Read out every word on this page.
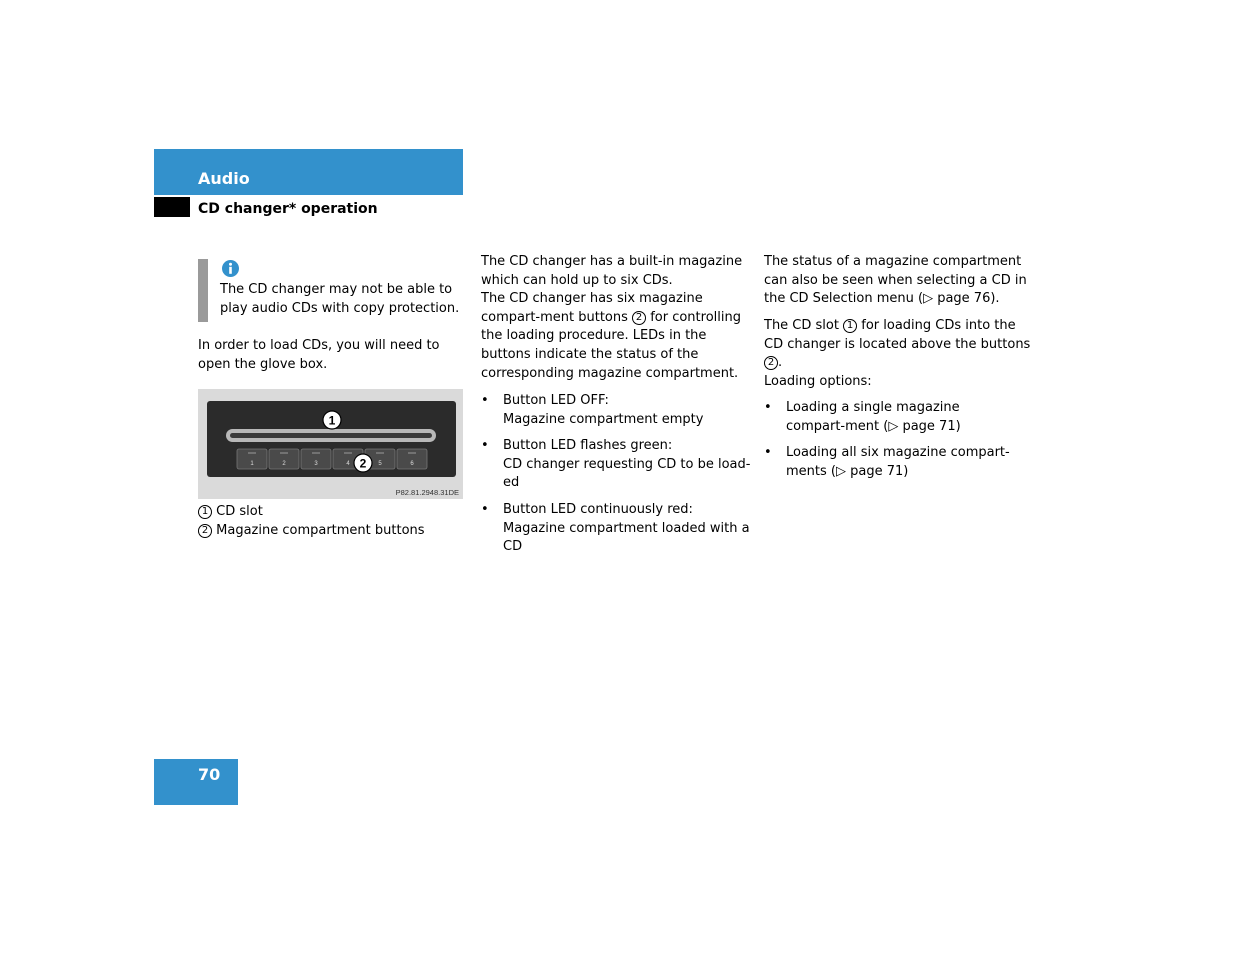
Audio
CD changer* operation
The CD changer may not be able to play audio CDs with copy protection.
In order to load CDs, you will need to open the glove box.
1	2	3	4	5	6
1
2
P82.81.2948.31DE
1 CD slot
2 Magazine compartment buttons
The CD changer has a built-in magazine which can hold up to six CDs.
The CD changer has six magazine compart-ment buttons 2 for controlling the loading procedure. LEDs in the buttons indicate the status of the corresponding magazine compartment.
• Button LED OFF:
Magazine compartment empty
• Button LED flashes green:
CD changer requesting CD to be load-ed
• Button LED continuously red:
Magazine compartment loaded with a CD
The status of a magazine compartment can also be seen when selecting a CD in the CD Selection menu (▷ page 76).
The CD slot 1 for loading CDs into the CD changer is located above the buttons 2 .
Loading options:
• Loading a single magazine compart-ment (▷ page 71)
• Loading all six magazine compart-ments (▷ page 71)
70
